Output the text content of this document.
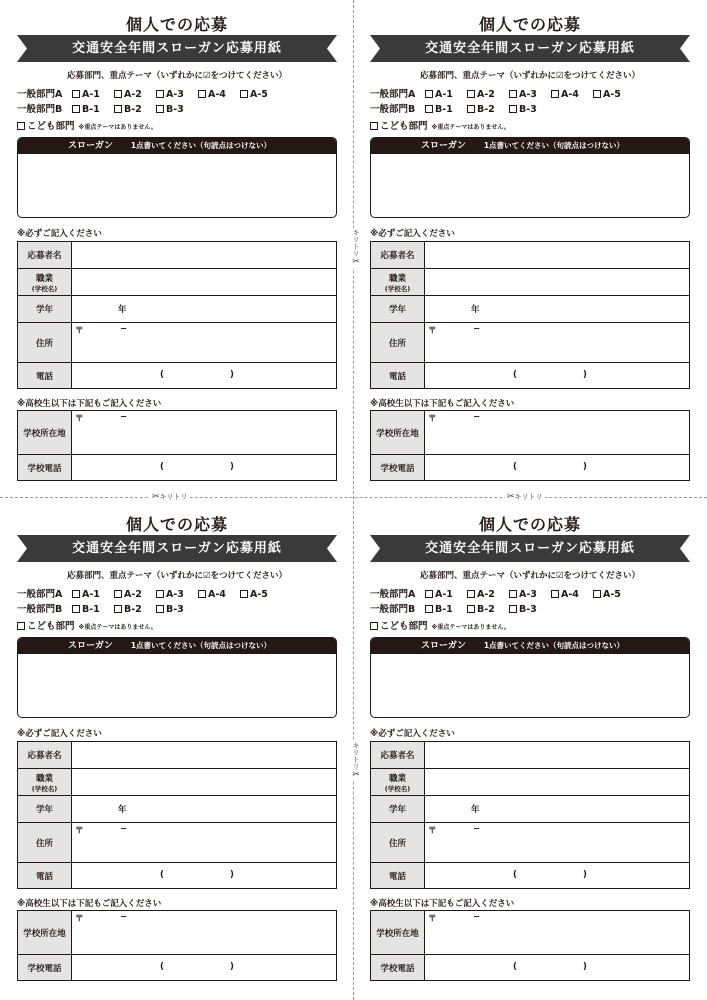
キリトリ✂
キリトリ✂
✂キリトリ	✂キリトリ
個人での応募
交通安全年間スローガン応募用紙
応募部門、重点テーマ（いずれかに☑をつけてください）
一般部門A A-1	A-2	A-3	A-4	A-5
一般部門B B-1	B-2	B-3
こども部門 ※重点テーマはありません。
スローガン 1点書いてください（句読点はつけない）
※必ずご記入ください
応募者名	
職業
(学校名)	

学年	年

住所	〒 −

電話	( )
※高校生以下は下記もご記入ください
学校所在地	〒 −

学校電話	( )
個人での応募
交通安全年間スローガン応募用紙
応募部門、重点テーマ（いずれかに☑をつけてください）
一般部門A A-1	A-2	A-3	A-4	A-5
一般部門B B-1	B-2	B-3
こども部門 ※重点テーマはありません。
スローガン 1点書いてください（句読点はつけない）
※必ずご記入ください
応募者名	
職業
(学校名)	

学年	年

住所	〒 −

電話	( )
※高校生以下は下記もご記入ください
学校所在地	〒 −

学校電話	( )
個人での応募
交通安全年間スローガン応募用紙
応募部門、重点テーマ（いずれかに☑をつけてください）
一般部門A A-1	A-2	A-3	A-4	A-5
一般部門B B-1	B-2	B-3
こども部門 ※重点テーマはありません。
スローガン 1点書いてください（句読点はつけない）
※必ずご記入ください
応募者名	
職業
(学校名)	

学年	年

住所	〒 −

電話	( )
※高校生以下は下記もご記入ください
学校所在地	〒 −

学校電話	( )
個人での応募
交通安全年間スローガン応募用紙
応募部門、重点テーマ（いずれかに☑をつけてください）
一般部門A A-1	A-2	A-3	A-4	A-5
一般部門B B-1	B-2	B-3
こども部門 ※重点テーマはありません。
スローガン 1点書いてください（句読点はつけない）
※必ずご記入ください
応募者名	
職業
(学校名)	

学年	年

住所	〒 −

電話	( )
※高校生以下は下記もご記入ください
学校所在地	〒 −

学校電話	( )
